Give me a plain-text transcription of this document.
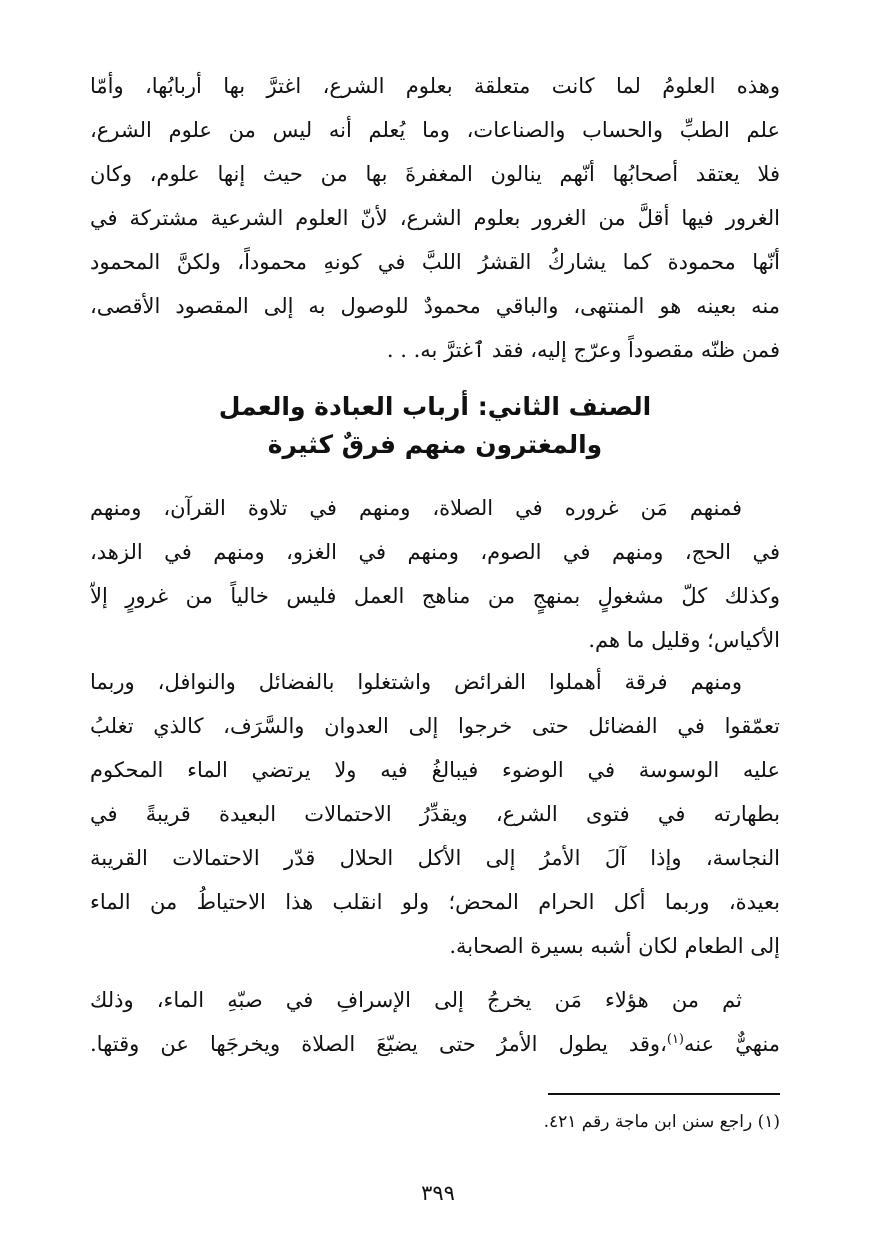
وهذه العلومُ لما كانت متعلقة بعلوم الشرع، اغترَّ بها أربابُها، وأمّا
علم الطبِّ والحساب والصناعات، وما يُعلم أنه ليس من علوم الشرع،
فلا يعتقد أصحابُها أنّهم ينالون المغفرةَ بها من حيث إنها علوم، وكان
الغرور فيها أقلَّ من الغرور بعلوم الشرع، لأنّ العلوم الشرعية مشتركة في
أنّها محمودة كما يشاركُ القشرُ اللبَّ في كونهِ محموداً، ولكنَّ المحمود
منه بعينه هو المنتهى، والباقي محمودٌ للوصول به إلى المقصود الأقصى،
فمن ظنّه مقصوداً وعرّج إليه، فقد ٱغترَّ به. . .
الصنف الثاني: أرباب العبادة والعمل
والمغترون منهم فرقٌ كثيرة
فمنهم مَن غروره في الصلاة، ومنهم في تلاوة القرآن، ومنهم
في الحج، ومنهم في الصوم، ومنهم في الغزو، ومنهم في الزهد،
وكذلك كلّ مشغولٍ بمنهجٍ من مناهج العمل فليس خالياً من غرورٍ إلاّ
الأكياس؛ وقليل ما هم.
ومنهم فرقة أهملوا الفرائض واشتغلوا بالفضائل والنوافل، وربما
تعمّقوا في الفضائل حتى خرجوا إلى العدوان والسَّرَف، كالذي تغلبُ
عليه الوسوسة في الوضوء فيبالغُ فيه ولا يرتضي الماء المحكوم
بطهارته في فتوى الشرع، ويقدِّرُ الاحتمالات البعيدة قريبةً في
النجاسة، وإذا آلَ الأمرُ إلى الأكل الحلال قدّر الاحتمالات القريبة
بعيدة، وربما أكل الحرام المحض؛ ولو انقلب هذا الاحتياطُ من الماء
إلى الطعام لكان أشبه بسيرة الصحابة.
ثم من هؤلاء مَن يخرجُ إلى الإسرافِ في صبّهِ الماء، وذلك
منهيٌّ عنه$^{(١)}$،وقد يطول الأمرُ حتى يضيّعَ الصلاة ويخرجَها عن وقتها.
(١) راجع سنن ابن ماجة رقم ٤٢١.
٣٩٩
